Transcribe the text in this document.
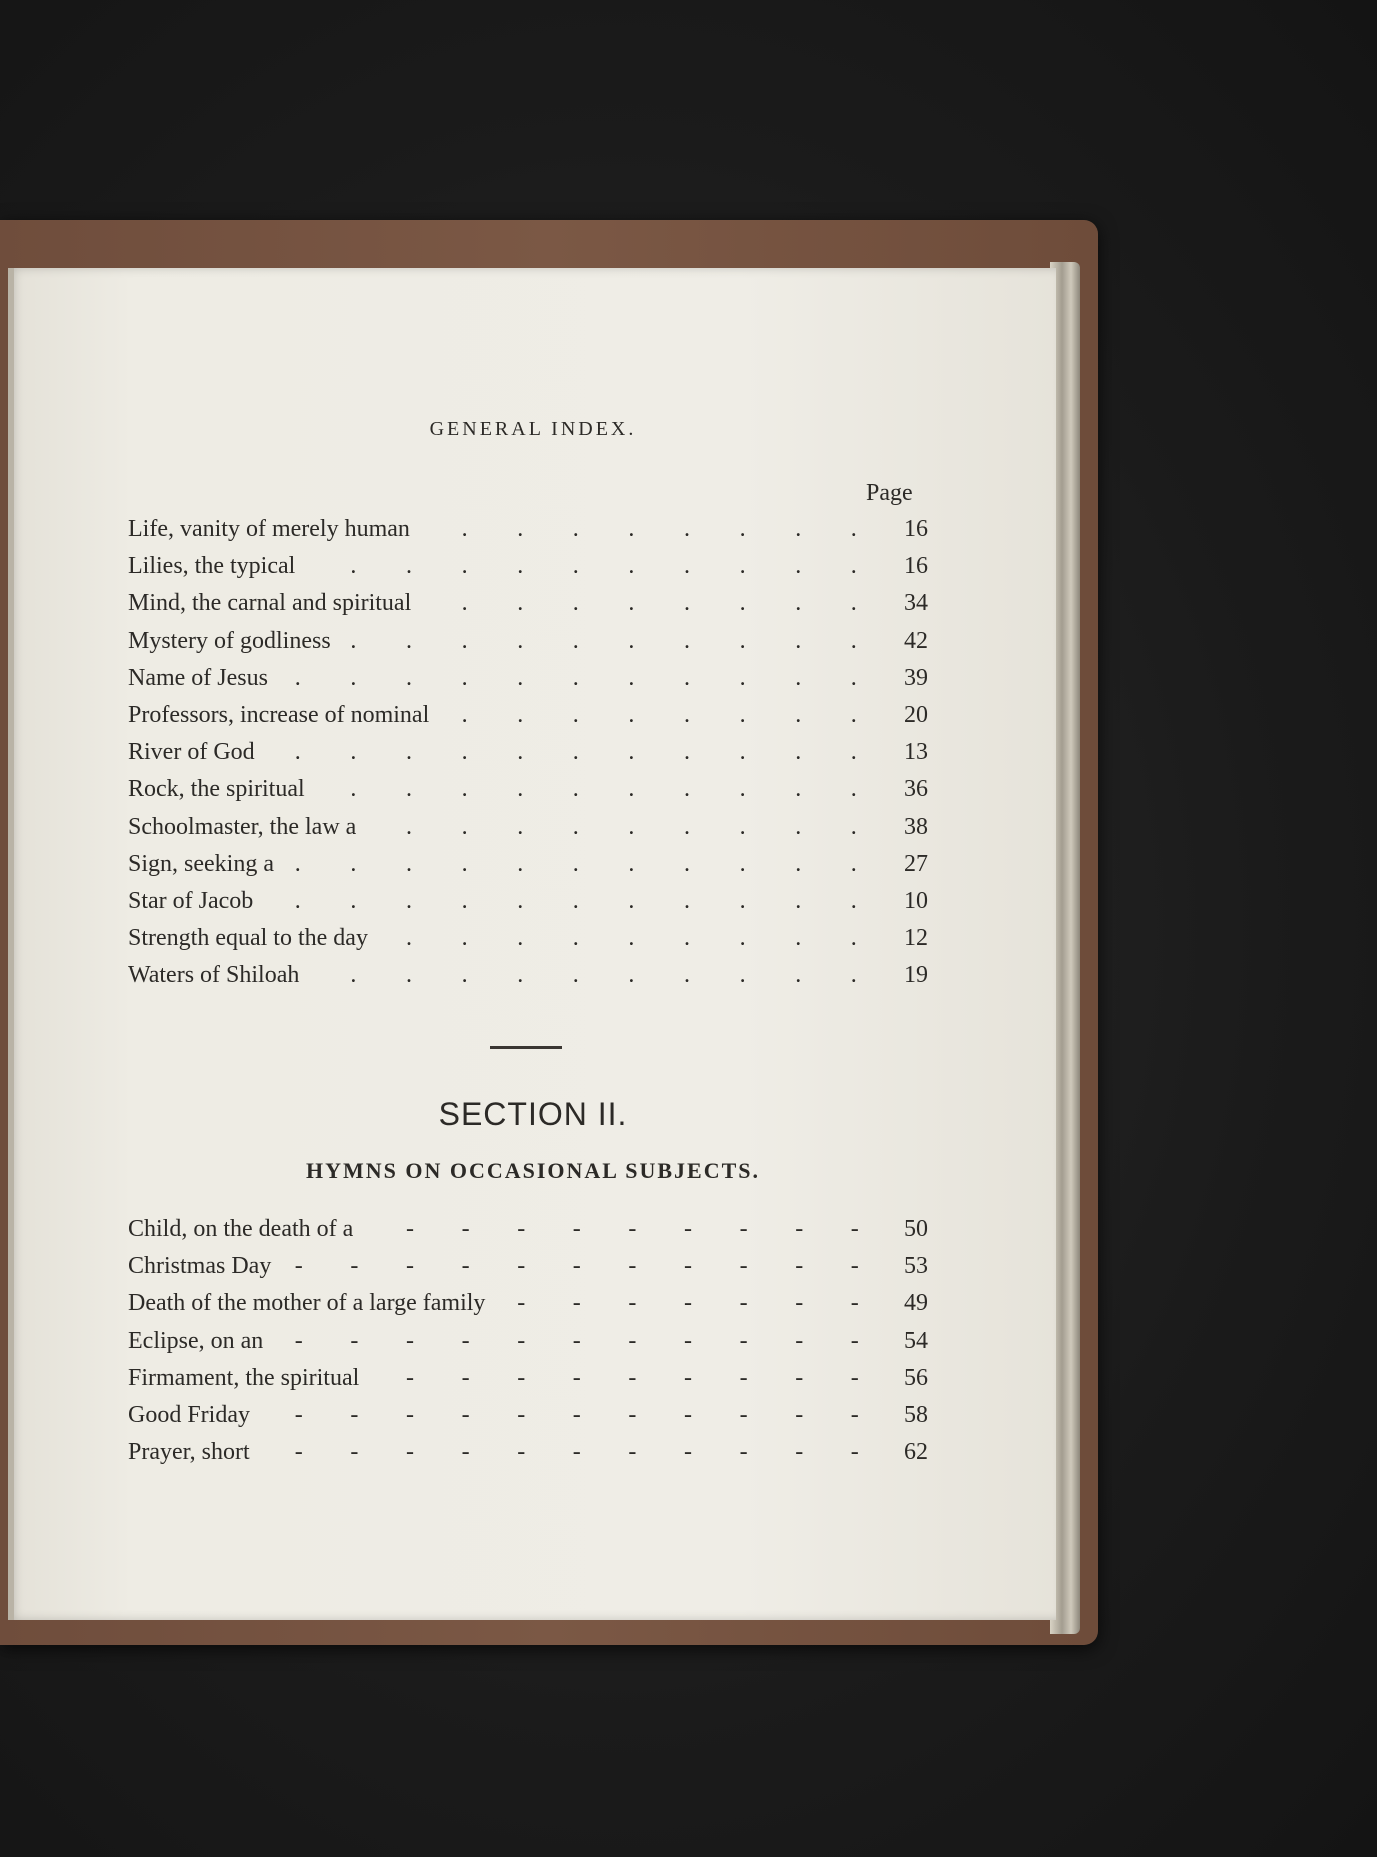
GENERAL INDEX.
Page
Life, vanity of merely human . . . . . . . .	16
Lilies, the typical . . . . . . . . . .	16
Mind, the carnal and spiritual . . . . . . . .	34
Mystery of godliness . . . . . . . . . .	42
Name of Jesus . . . . . . . . . . .	39
Professors, increase of nominal . . . . . . . .	20
River of God . . . . . . . . . . .	13
Rock, the spiritual . . . . . . . . . .	36
Schoolmaster, the law a . . . . . . . . .	38
Sign, seeking a . . . . . . . . . . .	27
Star of Jacob . . . . . . . . . . .	10
Strength equal to the day . . . . . . . . .	12
Waters of Shiloah . . . . . . . . . .	19
SECTION II.
HYMNS ON OCCASIONAL SUBJECTS.
Child, on the death of a - - - - - - - - -	50
Christmas Day - - - - - - - - - - -	53
Death of the mother of a large family - - - - - - -	49
Eclipse, on an - - - - - - - - - - -	54
Firmament, the spiritual - - - - - - - - -	56
Good Friday - - - - - - - - - - -	58
Prayer, short - - - - - - - - - - -	62
